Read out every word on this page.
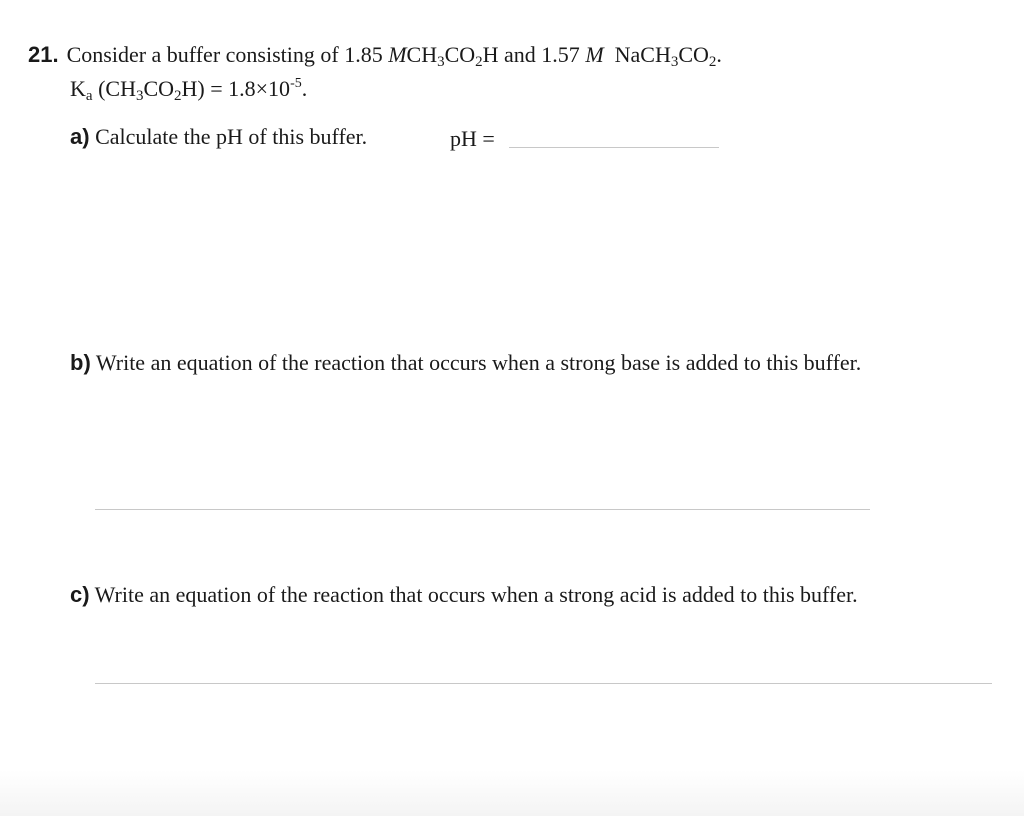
21. Consider a buffer consisting of 1.85 $MCH_3CO_2H$ and 1.57 M $NaCH_3CO_2$.
$K_a$ $(CH_3CO_2H) = 1.8\times 10^{-5}$.
a) Calculate the pH of this buffer.	pH =
b) Write an equation of the reaction that occurs when a strong base is added to this buffer.
c) Write an equation of the reaction that occurs when a strong acid is added to this buffer.
